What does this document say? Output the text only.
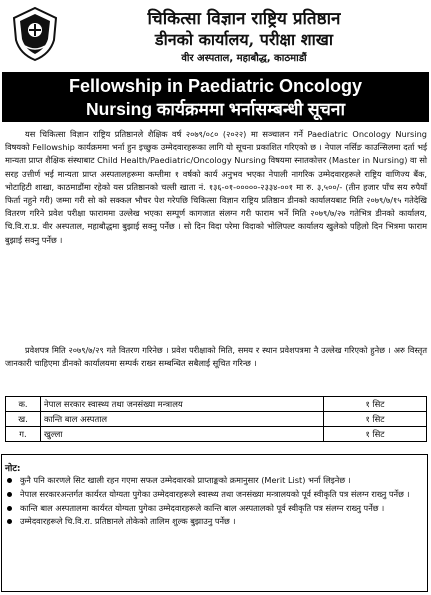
चिकित्सा विज्ञान राष्ट्रिय प्रतिष्ठान
डीनको कार्यालय, परीक्षा शाखा
वीर अस्पताल, महाबौद्ध, काठमाडौं
Fellowship in Paediatric Oncology
Nursing कार्यक्रममा भर्नासम्बन्धी सूचना
यस चिकित्सा विज्ञान राष्ट्रिय प्रतिष्ठानले शैक्षिक वर्ष २०७९/०८० (२०२२) मा सञ्चालन गर्ने Paediatric Oncology Nursing विषयको Fellowship कार्यक्रममा भर्ना हुन इच्छुक उम्मेदवारहरूका लागि यो सूचना प्रकाशित गरिएको छ । नेपाल नर्सिङ काउन्सिलमा दर्ता भई मान्यता प्राप्त शैक्षिक संस्थाबाट Child Health/Paediatric/Oncology Nursing विषयमा स्नातकोत्तर (Master in Nursing) वा सो सरह उत्तीर्ण भई मान्यता प्राप्त अस्पतालहरूमा कम्तीमा १ वर्षको कार्य अनुभव भएका नेपाली नागरिक उम्मेदवारहरूले राष्ट्रिय वाणिज्य बैंक, भोटाहिटी शाखा, काठमाडौंमा रहेको यस प्रतिष्ठानको चल्ती खाता नं. १३६-०१-०००००-२३३४-००१ मा रु. ३,५००/- (तीन हजार पाँच सय रुपैयाँ फिर्ता नहुने गरी) जम्मा गरी सो को सक्कल भौचर पेश गरेपछि चिकित्सा विज्ञान राष्ट्रिय प्रतिष्ठान डीनको कार्यालयबाट मिति २०७९/७/१५ गतेदेखि वितरण गरिने प्रवेश परीक्षा फाराममा उल्लेख भएका सम्पूर्ण कागजात संलग्न गरी फाराम भर्ने मिति २०७९/७/२७ गतेभित्र डीनको कार्यालय, चि.वि.रा.प्र. वीर अस्पताल, महाबौद्धमा बुझाई सक्नु पर्नेछ । सो दिन विदा परेमा विदाको भोलिपल्ट कार्यालय खुलेको पहिलो दिन भित्रमा फाराम बुझाई सक्नु पर्नेछ ।
प्रवेशपत्र मिति २०७९/७/२९ गते वितरण गरिनेछ । प्रवेश परीक्षाको मिति, समय र स्थान प्रवेशपत्रमा नै उल्लेख गरिएको हुनेछ । अरु विस्तृत जानकारी चाहिएमा डीनको कार्यालयमा सम्पर्क राख्न सम्बन्धित सबैलाई सूचित गरिन्छ ।
क.	नेपाल सरकार स्वास्थ्य तथा जनसंख्या मन्त्रालय	१ सिट
ख.	कान्ति बाल अस्पताल	१ सिट
ग.	खुल्ला	१ सिट
नोट:
कुनै पनि कारणले सिट खाली रहन गएमा सफल उम्मेदवारको प्राप्ताङ्कको क्रमानुसार (Merit List) भर्ना लिइनेछ ।
नेपाल सरकारअन्तर्गत कार्यरत योग्यता पुगेका उम्मेदवारहरूले स्वास्थ्य तथा जनसंख्या मन्त्रालयको पूर्व स्वीकृति पत्र संलग्न राख्नु पर्नेछ ।
कान्ति बाल अस्पतालमा कार्यरत योग्यता पुगेका उम्मेदवारहरूले कान्ति बाल अस्पतालको पूर्व स्वीकृति पत्र संलग्न राख्नु पर्नेछ ।
उम्मेदवारहरूले चि.वि.रा. प्रतिष्ठानले तोकेको तालिम शुल्क बुझाउनु पर्नेछ ।
